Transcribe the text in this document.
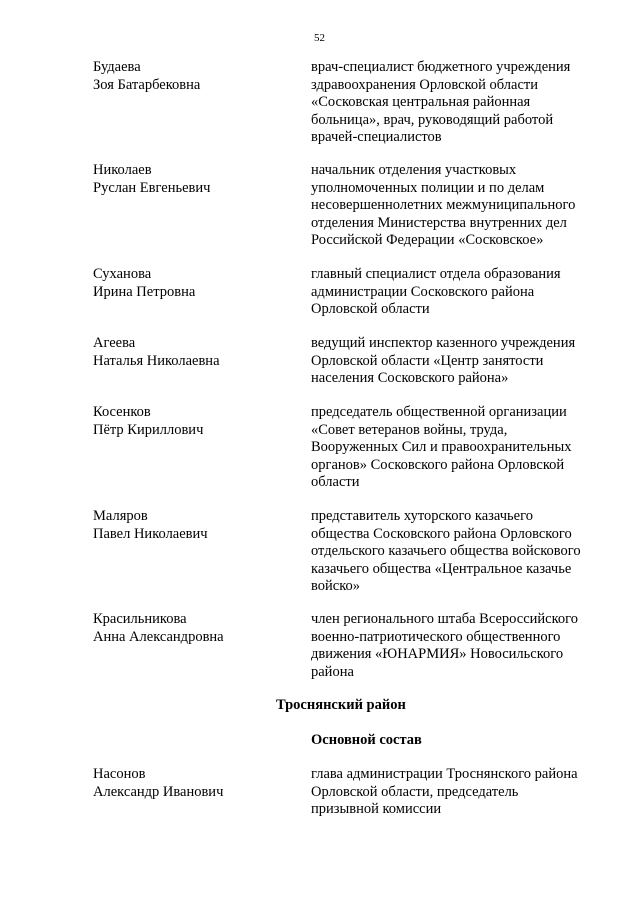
52
Будаева
Зоя Батарбековна
врач-специалист бюджетного учреждения
здравоохранения Орловской области
«Сосковская центральная районная
больница», врач, руководящий работой
врачей-специалистов
Николаев
Руслан Евгеньевич
начальник отделения участковых
уполномоченных полиции и по делам
несовершеннолетних межмуниципального
отделения Министерства внутренних дел
Российской Федерации «Сосковское»
Суханова
Ирина Петровна
главный специалист отдела образования
администрации Сосковского района
Орловской области
Агеева
Наталья Николаевна
ведущий инспектор казенного учреждения
Орловской области «Центр занятости
населения Сосковского района»
Косенков
Пётр Кириллович
председатель общественной организации
«Совет ветеранов войны, труда,
Вооруженных Сил и правоохранительных
органов» Сосковского района Орловской
области
Маляров
Павел Николаевич
представитель хуторского казачьего
общества Сосковского района Орловского
отдельского казачьего общества войскового
казачьего общества «Центральное казачье
войско»
Красильникова
Анна Александровна
член регионального штаба Всероссийского
военно-патриотического общественного
движения «ЮНАРМИЯ» Новосильского
района
Троснянский район
Основной состав
Насонов
Александр Иванович
глава администрации Троснянского района
Орловской области, председатель
призывной комиссии
